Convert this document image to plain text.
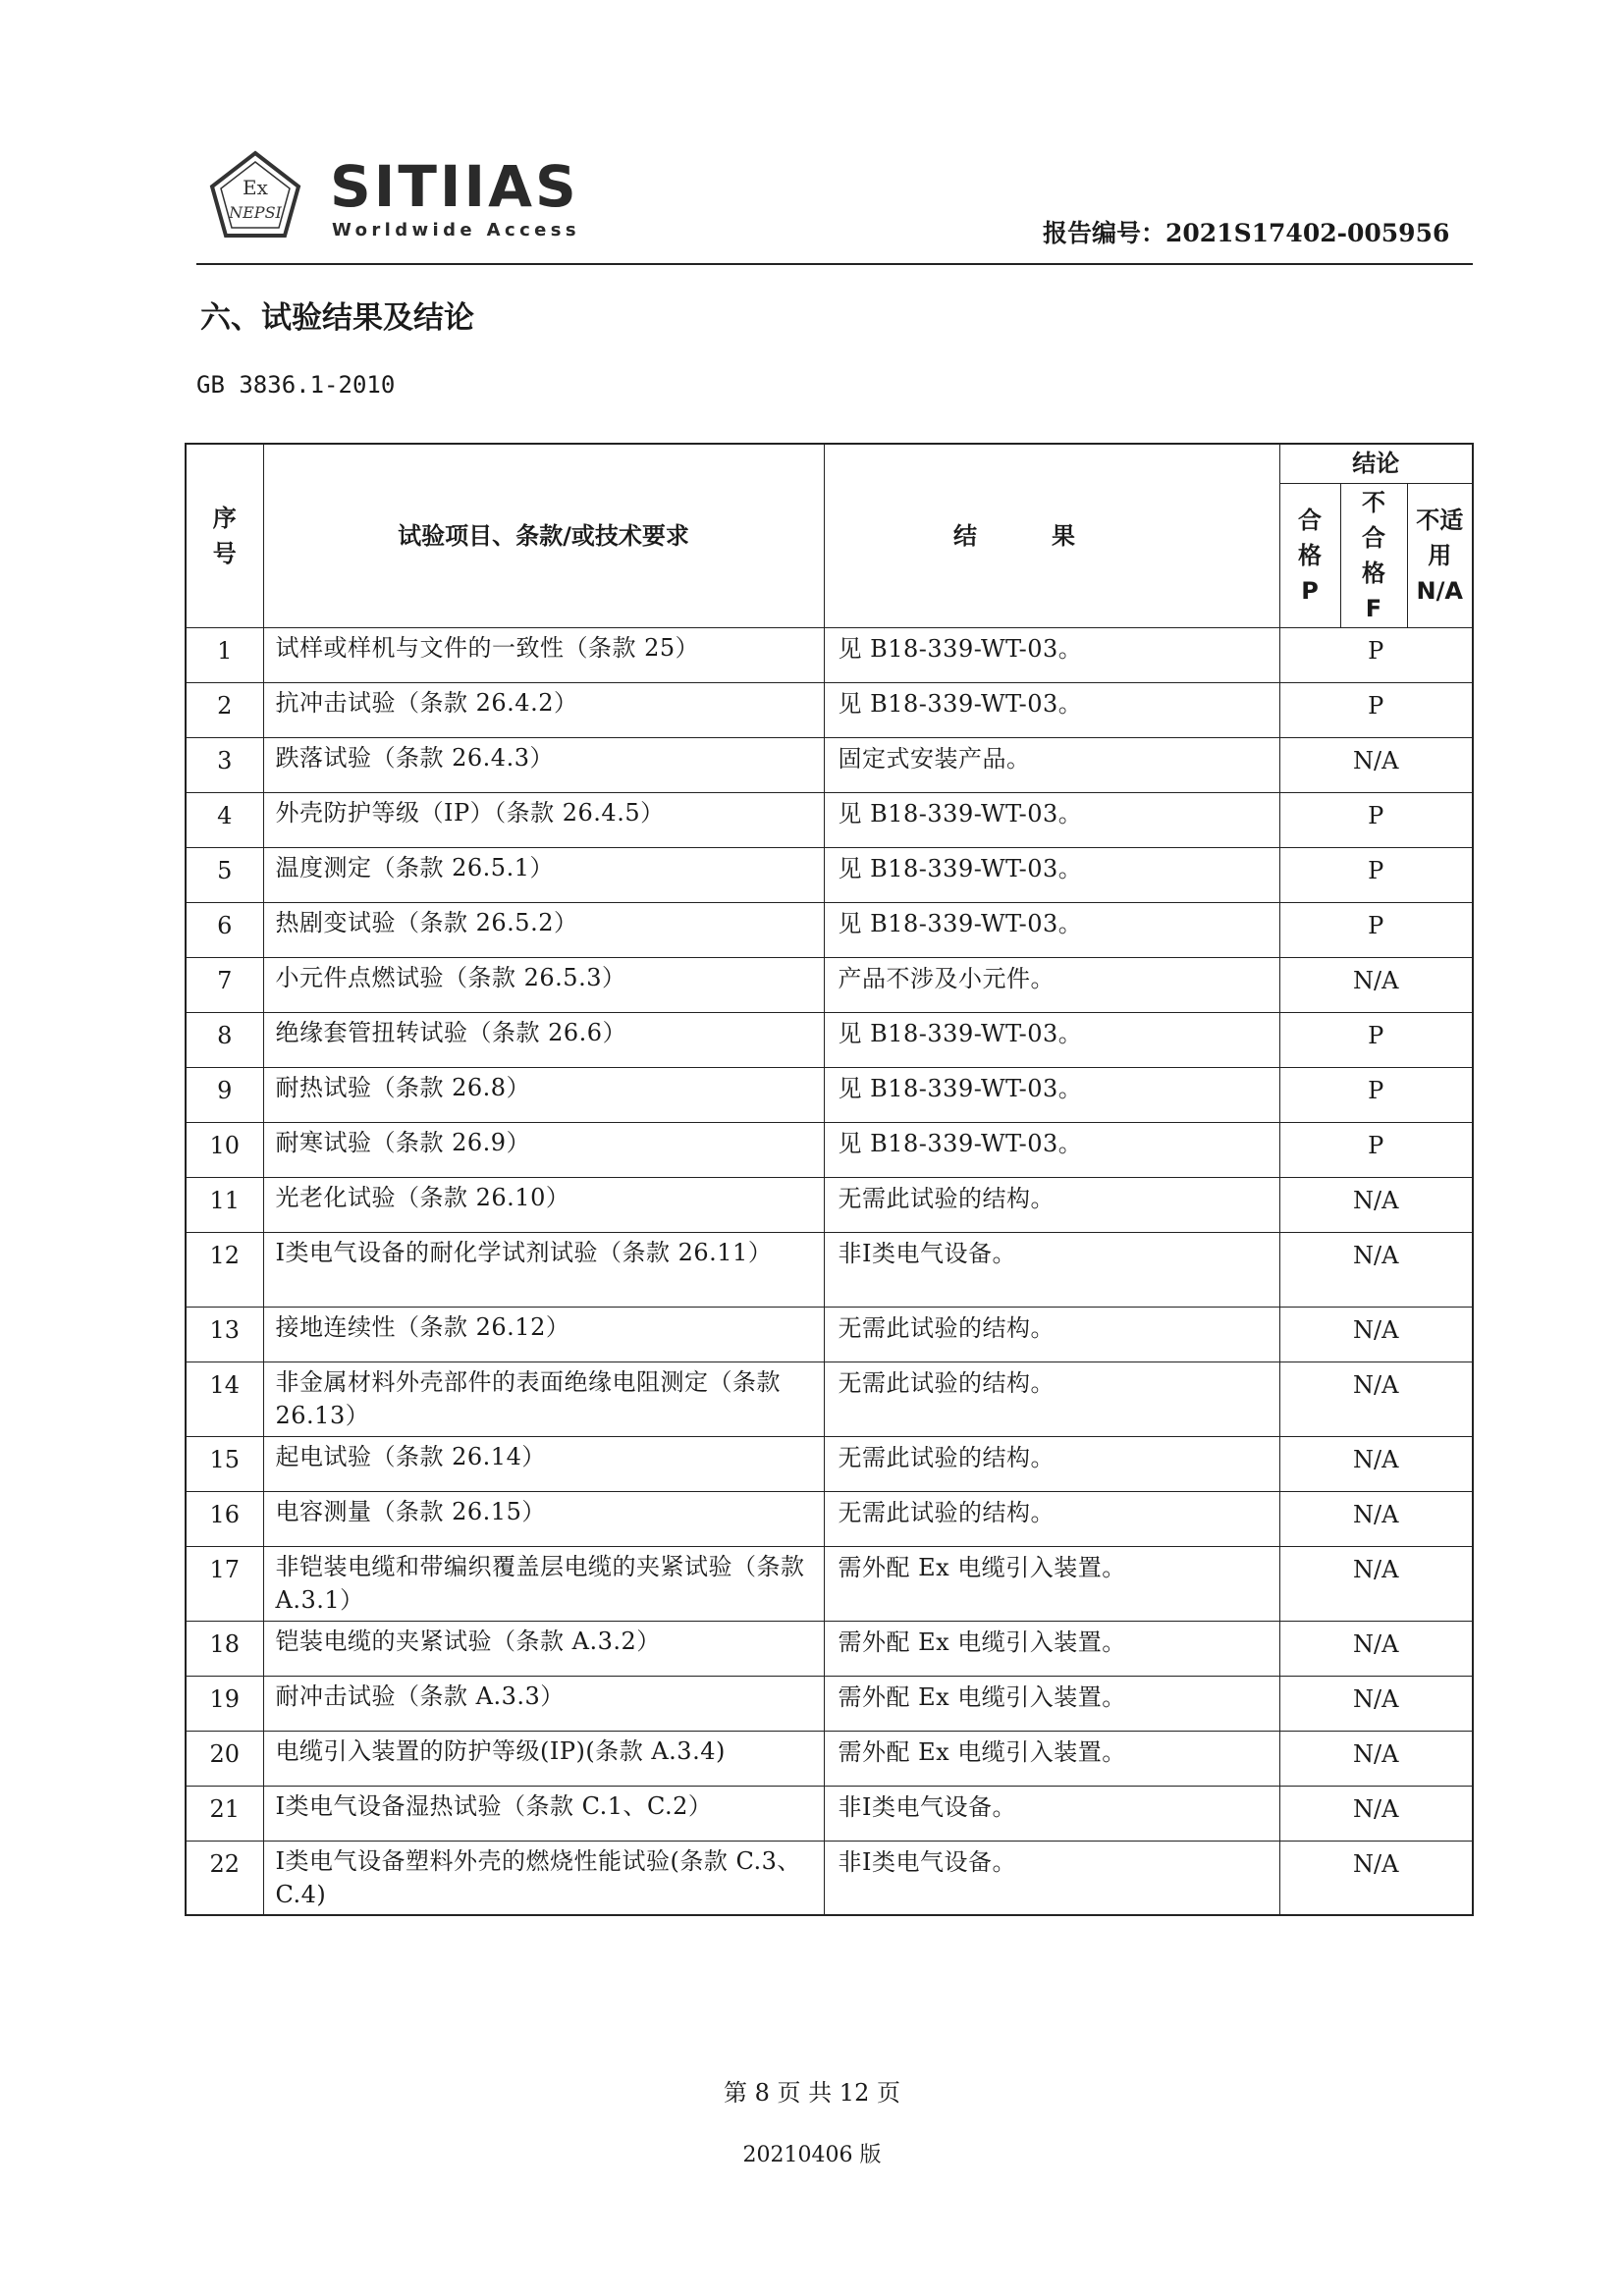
Ex
NEPSI SITIIAS
Worldwide Access	报告编号：2021S17402-005956
六、试验结果及结论
GB 3836.1-2010
序号	试验项目、条款/或技术要求	结果	结论		
			合格P	不合格F	不适用N/A
1	试样或样机与文件的一致性（条款 25）	见 B18-339-WT-03。	P		
2	抗冲击试验（条款 26.4.2）	见 B18-339-WT-03。	P		
3	跌落试验（条款 26.4.3）	固定式安装产品。	N/A		
4	外壳防护等级（IP）（条款 26.4.5）	见 B18-339-WT-03。	P		
5	温度测定（条款 26.5.1）	见 B18-339-WT-03。	P		
6	热剧变试验（条款 26.5.2）	见 B18-339-WT-03。	P		
7	小元件点燃试验（条款 26.5.3）	产品不涉及小元件。	N/A		
8	绝缘套管扭转试验（条款 26.6）	见 B18-339-WT-03。	P		
9	耐热试验（条款 26.8）	见 B18-339-WT-03。	P		
10	耐寒试验（条款 26.9）	见 B18-339-WT-03。	P		
11	光老化试验（条款 26.10）	无需此试验的结构。	N/A		
12	Ⅰ类电气设备的耐化学试剂试验（条款 26.11）	非Ⅰ类电气设备。	N/A		
13	接地连续性（条款 26.12）	无需此试验的结构。	N/A		
14	非金属材料外壳部件的表面绝缘电阻测定（条款 26.13）	无需此试验的结构。	N/A		
15	起电试验（条款 26.14）	无需此试验的结构。	N/A		
16	电容测量（条款 26.15）	无需此试验的结构。	N/A		
17	非铠装电缆和带编织覆盖层电缆的夹紧试验（条款 A.3.1）	需外配 Ex 电缆引入装置。	N/A		
18	铠装电缆的夹紧试验（条款 A.3.2）	需外配 Ex 电缆引入装置。	N/A		
19	耐冲击试验（条款 A.3.3）	需外配 Ex 电缆引入装置。	N/A		
20	电缆引入装置的防护等级(IP)(条款 A.3.4)	需外配 Ex 电缆引入装置。	N/A		
21	Ⅰ类电气设备湿热试验（条款 C.1、C.2）	非Ⅰ类电气设备。	N/A		
22	Ⅰ类电气设备塑料外壳的燃烧性能试验(条款 C.3、C.4)	非Ⅰ类电气设备。	N/A		
第 8 页 共 12 页
20210406 版
